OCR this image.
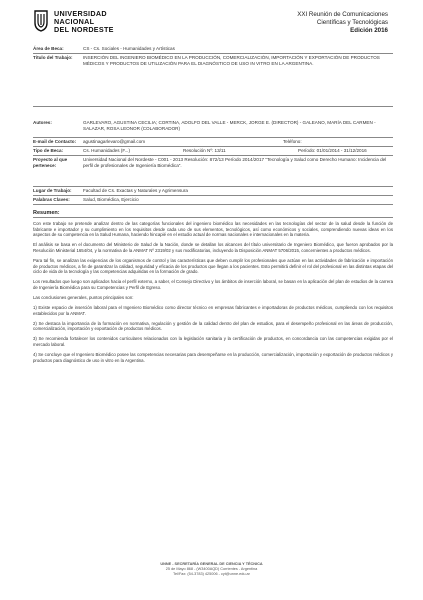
UNIVERSIDAD
NACIONAL
DEL NORDESTE
XXI Reunión de Comunicaciones
Científicas y Tecnológicas
Edición 2016
Área de Beca:	CS - Cs. Sociales - Humanidades y Artísticas
Título del Trabajo:	INSERCIÓN DEL INGENIERO BIOMÉDICO EN LA PRODUCCIÓN, COMERCIALIZACIÓN, IMPORTACIÓN Y EXPORTACIÓN DE PRODUCTOS MÉDICOS Y PRODUCTOS DE UTILIZACIÓN PARA EL DIAGNÓSTICO DE USO IN VITRO EN LA ARGENTINA.
Autores:	GARLEVARO, AGUSTINA CECILIA; CORTINA, ADOLFO DEL VALLE - MERCK, JORGE E. (DIRECTOR) - GALEANO, MARÍA DEL CARMEN - SALAZAR, ROSA LEONOR (COLABORADOR)
E-mail de Contacto: agustinagarlevaro@gmail.com	Teléfono:
Tipo de Beca:	Cs. Humanidades (F...)	Resolución Nº: 13/11	Período: 01/01/2014 - 31/12/2016
Proyecto al que pertenece:
Universidad Nacional del Nordeste - C001 - 2013 Resolución: 872/13 Período 2014/2017 "Tecnología y Salud como Derecho Humano: Incidencia del perfil de profesionales de Ingeniería Biomédica".
Lugar de Trabajo:	Facultad de Cs. Exactas y Naturales y Agrimensura
Palabras Claves:	Salud, Biomédica, Ejercicio
Resumen:

Con este trabajo se pretende analizar dentro de las categorías funcionales del ingeniero biomédico las necesidades en las tecnologías del sector de la salud desde la función de fabricante e importador y su cumplimiento en los requisitos desde cada uno de sus elementos, tecnológicos, así como económicos y sociales, comprendiendo nuevas ideas en los aspectos de su competencia en la Salud Humana, haciendo hincapié en el estudio actual de normas nacionales e internacionales en la materia.

El análisis se basa en el documento del Ministerio de Salud de la Nación, donde se detallan los alcances del título universitario de Ingeniero Biomédico, que fueron aprobados por la Resolución Ministerial 1654/04, y la normativa de la ANMAT Nº 2319/02 y sus modificatorias, incluyendo la Disposición ANMAT 5706/2015, concernientes a productos médicos.

Para tal fin, se analizan las exigencias de los organismos de control y las características que deben cumplir los profesionales que actúan en las actividades de fabricación e importación de productos médicos, a fin de garantizar la calidad, seguridad y eficacia de los productos que llegan a los pacientes. Esto permitirá definir el rol del profesional en las distintas etapas del ciclo de vida de la tecnología y las competencias adquiridas en la formación de grado.

Los resultados que luego son aplicados hacia el perfil externo, a saber, el Consejo Directivo y los ámbitos de inserción laboral, se basan en la aplicación del plan de estudios de la carrera de Ingeniería Biomédica para su Competencias y Perfil de Egreso.

Las conclusiones generales, puntos principales son:

1) Existe espacio de inserción laboral para el Ingeniero Biomédico como director técnico en empresas fabricantes e importadoras de productos médicos, cumpliendo con los requisitos establecidos por la ANMAT.

2) Se destaca la importancia de la formación en normativa, regulación y gestión de la calidad dentro del plan de estudios, para el desempeño profesional en las áreas de producción, comercialización, importación y exportación de productos médicos.

3) Se recomienda fortalecer los contenidos curriculares relacionados con la legislación sanitaria y la certificación de productos, en concordancia con las competencias exigidas por el mercado laboral.

4) Se concluye que el Ingeniero Biomédico posee las competencias necesarias para desempeñarse en la producción, comercialización, importación y exportación de productos médicos y productos para diagnóstico de uso in vitro en la Argentina.

UNNE - SECRETARÍA GENERAL DE CIENCIA Y TÉCNICA
25 de Mayo 868 - (W3400AQD) Corrientes - Argentina
Tel/Fax: (54-3783) 425006 - cyt@unne.edu.ar
